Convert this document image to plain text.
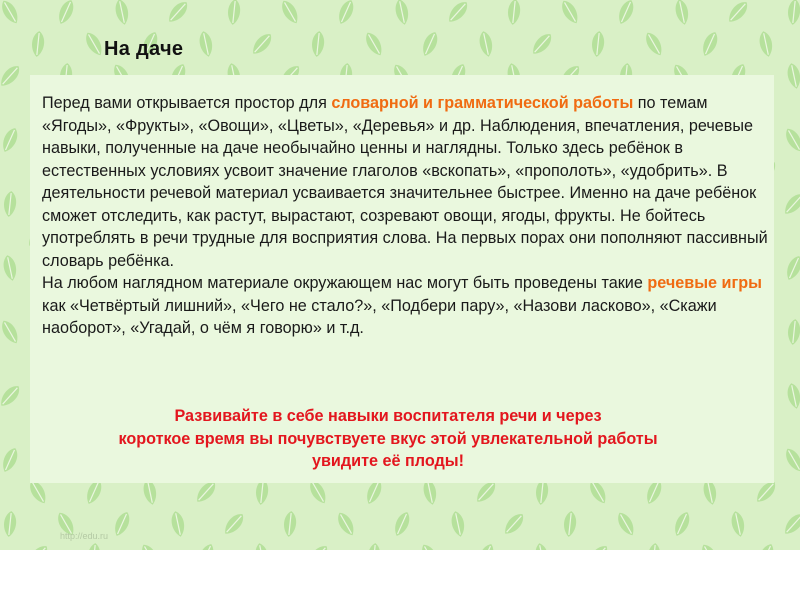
На даче

Перед вами открывается простор для словарной и грамматической работы по темам «Ягоды», «Фрукты», «Овощи», «Цветы», «Деревья» и др. Наблюдения, впечатления, речевые навыки, полученные на даче необычайно ценны и наглядны. Только здесь ребёнок в естественных условиях усвоит значение глаголов «вскопать», «прополоть», «удобрить». В деятельности речевой материал усваивается значительнее быстрее. Именно на даче ребёнок сможет отследить, как растут, вырастают, созревают овощи, ягоды, фрукты. Не бойтесь употреблять в речи трудные для восприятия слова. На первых порах они пополняют пассивный словарь ребёнка.

На любом наглядном материале окружающем нас могут быть проведены такие речевые игры как «Четвёртый лишний», «Чего не стало?», «Подбери пару», «Назови ласково», «Скажи наоборот», «Угадай, о чём я говорю» и т.д.

Развивайте в себе навыки воспитателя речи и через
короткое время вы почувствуете вкус этой увлекательной работы
увидите её плоды!
http://edu.ru
